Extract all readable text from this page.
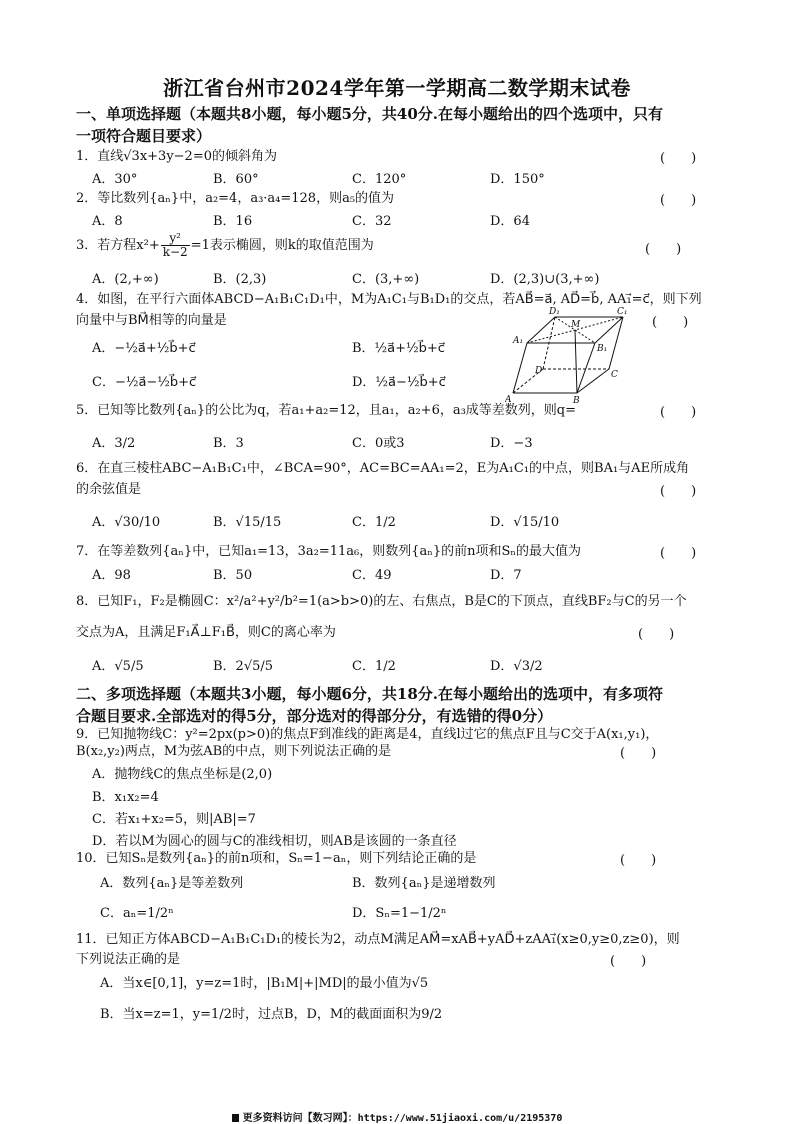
浙江省台州市2024学年第一学期高二数学期末试卷
一、单项选择题（本题共8小题，每小题5分，共40分.在每小题给出的四个选项中，只有
一项符合题目要求）
1．直线√3x+3y−2=0的倾斜角为	(　　)
A．30°	B．60°	C．120°	D．150°
2．等比数列{aₙ}中，a₂=4，a₃·a₄=128，则a₅的值为	(　　)
A．8	B．16	C．32	D．64
3．若方程$x^2+ \frac{\text{y²}}{k-2} =1$表示椭圆，则k的取值范围为	(　　)
A．(2,+∞)	B．(2,3)	C．(3,+∞)	D．(2,3)∪(3,+∞)
4．如图，在平行六面体ABCD−A₁B₁C₁D₁中，M为A₁C₁与B₁D₁的交点，若AB⃗=a⃗, AD⃗=b⃗, AA₁⃗=c⃗，则下列
向量中与BM⃗相等的向量是	(　　)
A．−½a⃗+½b⃗+c⃗	B．½a⃗+½b⃗+c⃗
C．−½a⃗−½b⃗+c⃗	D．½a⃗−½b⃗+c⃗
D₁
M
C₁
A₁
B₁
D	C
A	B
5．已知等比数列{aₙ}的公比为q，若a₁+a₂=12，且a₁，a₂+6，a₃成等差数列，则q=	(　　)
A．3/2	B．3	C．0或3	D．−3
6．在直三棱柱ABC−A₁B₁C₁中，∠BCA=90°，AC=BC=AA₁=2，E为A₁C₁的中点，则BA₁与AE所成角
的余弦值是	(　　)
A．√30/10	B．√15/15	C．1/2	D．√15/10
7．在等差数列{aₙ}中，已知a₁=13，3a₂=11a₆，则数列{aₙ}的前n项和Sₙ的最大值为	(　　)
A．98	B．50	C．49	D．7
8．已知F₁，F₂是椭圆C：x²/a²+y²/b²=1(a>b>0)的左、右焦点，B是C的下顶点，直线BF₂与C的另一个
交点为A，且满足F₁A⃗⊥F₁B⃗，则C的离心率为	(　　)
A．√5/5	B．2√5/5	C．1/2	D．√3/2
二、多项选择题（本题共3小题，每小题6分，共18分.在每小题给出的选项中，有多项符
合题目要求.全部选对的得5分，部分选对的得部分分，有选错的得0分）
9．已知抛物线C：y²=2px(p>0)的焦点F到准线的距离是4，直线l过它的焦点F且与C交于A(x₁,y₁)，
B(x₂,y₂)两点，M为弦AB的中点，则下列说法正确的是	(　　)
A．抛物线C的焦点坐标是(2,0)
B．x₁x₂=4
C．若x₁+x₂=5，则|AB|=7
D．若以M为圆心的圆与C的准线相切，则AB是该圆的一条直径
10．已知Sₙ是数列{aₙ}的前n项和，Sₙ=1−aₙ，则下列结论正确的是	(　　)
A．数列{aₙ}是等差数列	B．数列{aₙ}是递增数列
C．aₙ=1/2ⁿ	D．Sₙ=1−1/2ⁿ
11．已知正方体ABCD−A₁B₁C₁D₁的棱长为2，动点M满足AM⃗=xAB⃗+yAD⃗+zAA₁⃗(x≥0,y≥0,z≥0)，则
下列说法正确的是	(　　)
A．当x∈[0,1]，y=z=1时，|B₁M|+|MD|的最小值为√5
B．当x=z=1，y=1/2时，过点B，D，M的截面面积为9/2
更多资料访问【数习网】：https://www.51jiaoxi.com/u/2195370
